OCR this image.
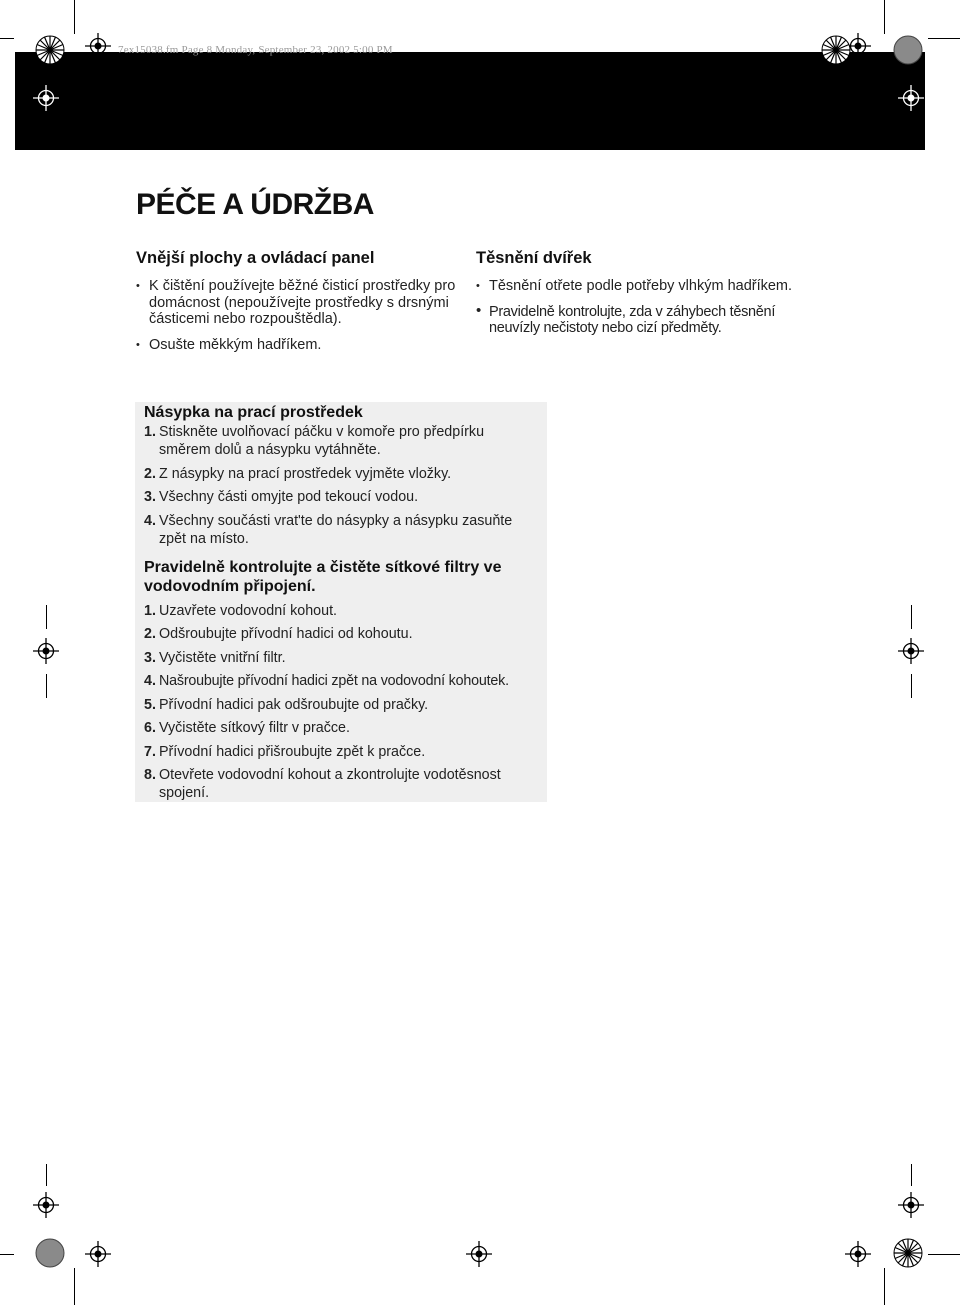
7ex15038.fm Page 8 Monday, September 23, 2002 5:00 PM
PÉČE A ÚDRŽBA
Vnější plochy a ovládací panel
• K čištění používejte běžné čisticí prostředky pro domácnost (nepoužívejte prostředky s drsnými částicemi nebo rozpouštědla).
• Osušte měkkým hadříkem.
Těsnění dvířek
• Těsnění otřete podle potřeby vlhkým hadříkem.
• Pravidelně kontrolujte, zda v záhybech těsnění neuvízly nečistoty nebo cizí předměty.
Násypka na prací prostředek
1. Stiskněte uvolňovací páčku v komoře pro předpírku směrem dolů a násypku vytáhněte.
2. Z násypky na prací prostředek vyjměte vložky.
3. Všechny části omyjte pod tekoucí vodou.
4. Všechny součásti vrat'te do násypky a násypku zasuňte zpět na místo.
Pravidelně kontrolujte a čistěte sítkové filtry ve vodovodním připojení.
1. Uzavřete vodovodní kohout.
2. Odšroubujte přívodní hadici od kohoutu.
3. Vyčistěte vnitřní filtr.
4. Našroubujte přívodní hadici zpět na vodovodní kohoutek.
5. Přívodní hadici pak odšroubujte od pračky.
6. Vyčistěte sítkový filtr v pračce.
7. Přívodní hadici přišroubujte zpět k pračce.
8. Otevřete vodovodní kohout a zkontrolujte vodotěsnost spojení.
